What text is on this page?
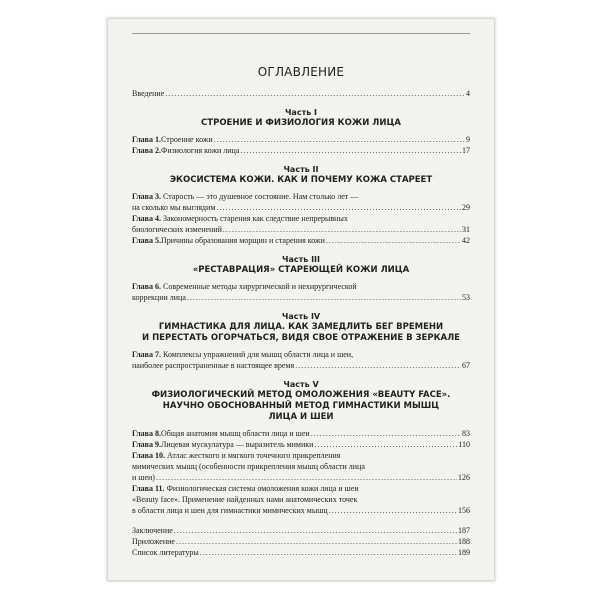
ОГЛАВЛЕНИЕ
Введение .....	4
Часть I
СТРОЕНИЕ И ФИЗИОЛОГИЯ КОЖИ ЛИЦА
Глава 1. Строение кожи .....	9
Глава 2. Физиология кожи лица .....	17
Часть II
ЭКОСИСТЕМА КОЖИ. КАК И ПОЧЕМУ КОЖА СТАРЕЕТ
Глава 3. Старость — это душевное состояние. Нам столько лет —
на сколько мы выглядим .....	29
Глава 4. Закономерность старения как следствие непрерывных
биологических изменений .....	31
Глава 5. Причины образования морщин и старения кожи .....	42
Часть III
«РЕСТАВРАЦИЯ» СТАРЕЮЩЕЙ КОЖИ ЛИЦА
Глава 6. Современные методы хирургической и нехирургической
коррекции лица .....	53
Часть IV
ГИМНАСТИКА ДЛЯ ЛИЦА. КАК ЗАМЕДЛИТЬ БЕГ ВРЕМЕНИ
И ПЕРЕСТАТЬ ОГОРЧАТЬСЯ, ВИДЯ СВОЕ ОТРАЖЕНИЕ В ЗЕРКАЛЕ
Глава 7. Комплексы упражнений для мышц области лица и шеи,
наиболее распространенные в настоящее время .....	67
Часть V
ФИЗИОЛОГИЧЕСКИЙ МЕТОД ОМОЛОЖЕНИЯ «BEAUTY FACE».
НАУЧНО ОБОСНОВАННЫЙ МЕТОД ГИМНАСТИКИ МЫШЦ
ЛИЦА И ШЕИ
Глава 8. Общая анатомия мышц области лица и шеи .....	83
Глава 9. Лицевая мускулатура — выразитель мимики .....	110
Глава 10. Атлас жесткого и мягкого точечного прикрепления
мимических мышц (особенности прикрепления мышц области лица
и шеи) .....	126
Глава 11. Физиологическая система омоложения кожи лица и шеи
«Beauty face». Применение найденных нами анатомических точек
в области лица и шеи для гимнастики мимических мышц .....	156
Заключение .....	187
Приложение .....	188
Список литературы .....	189
